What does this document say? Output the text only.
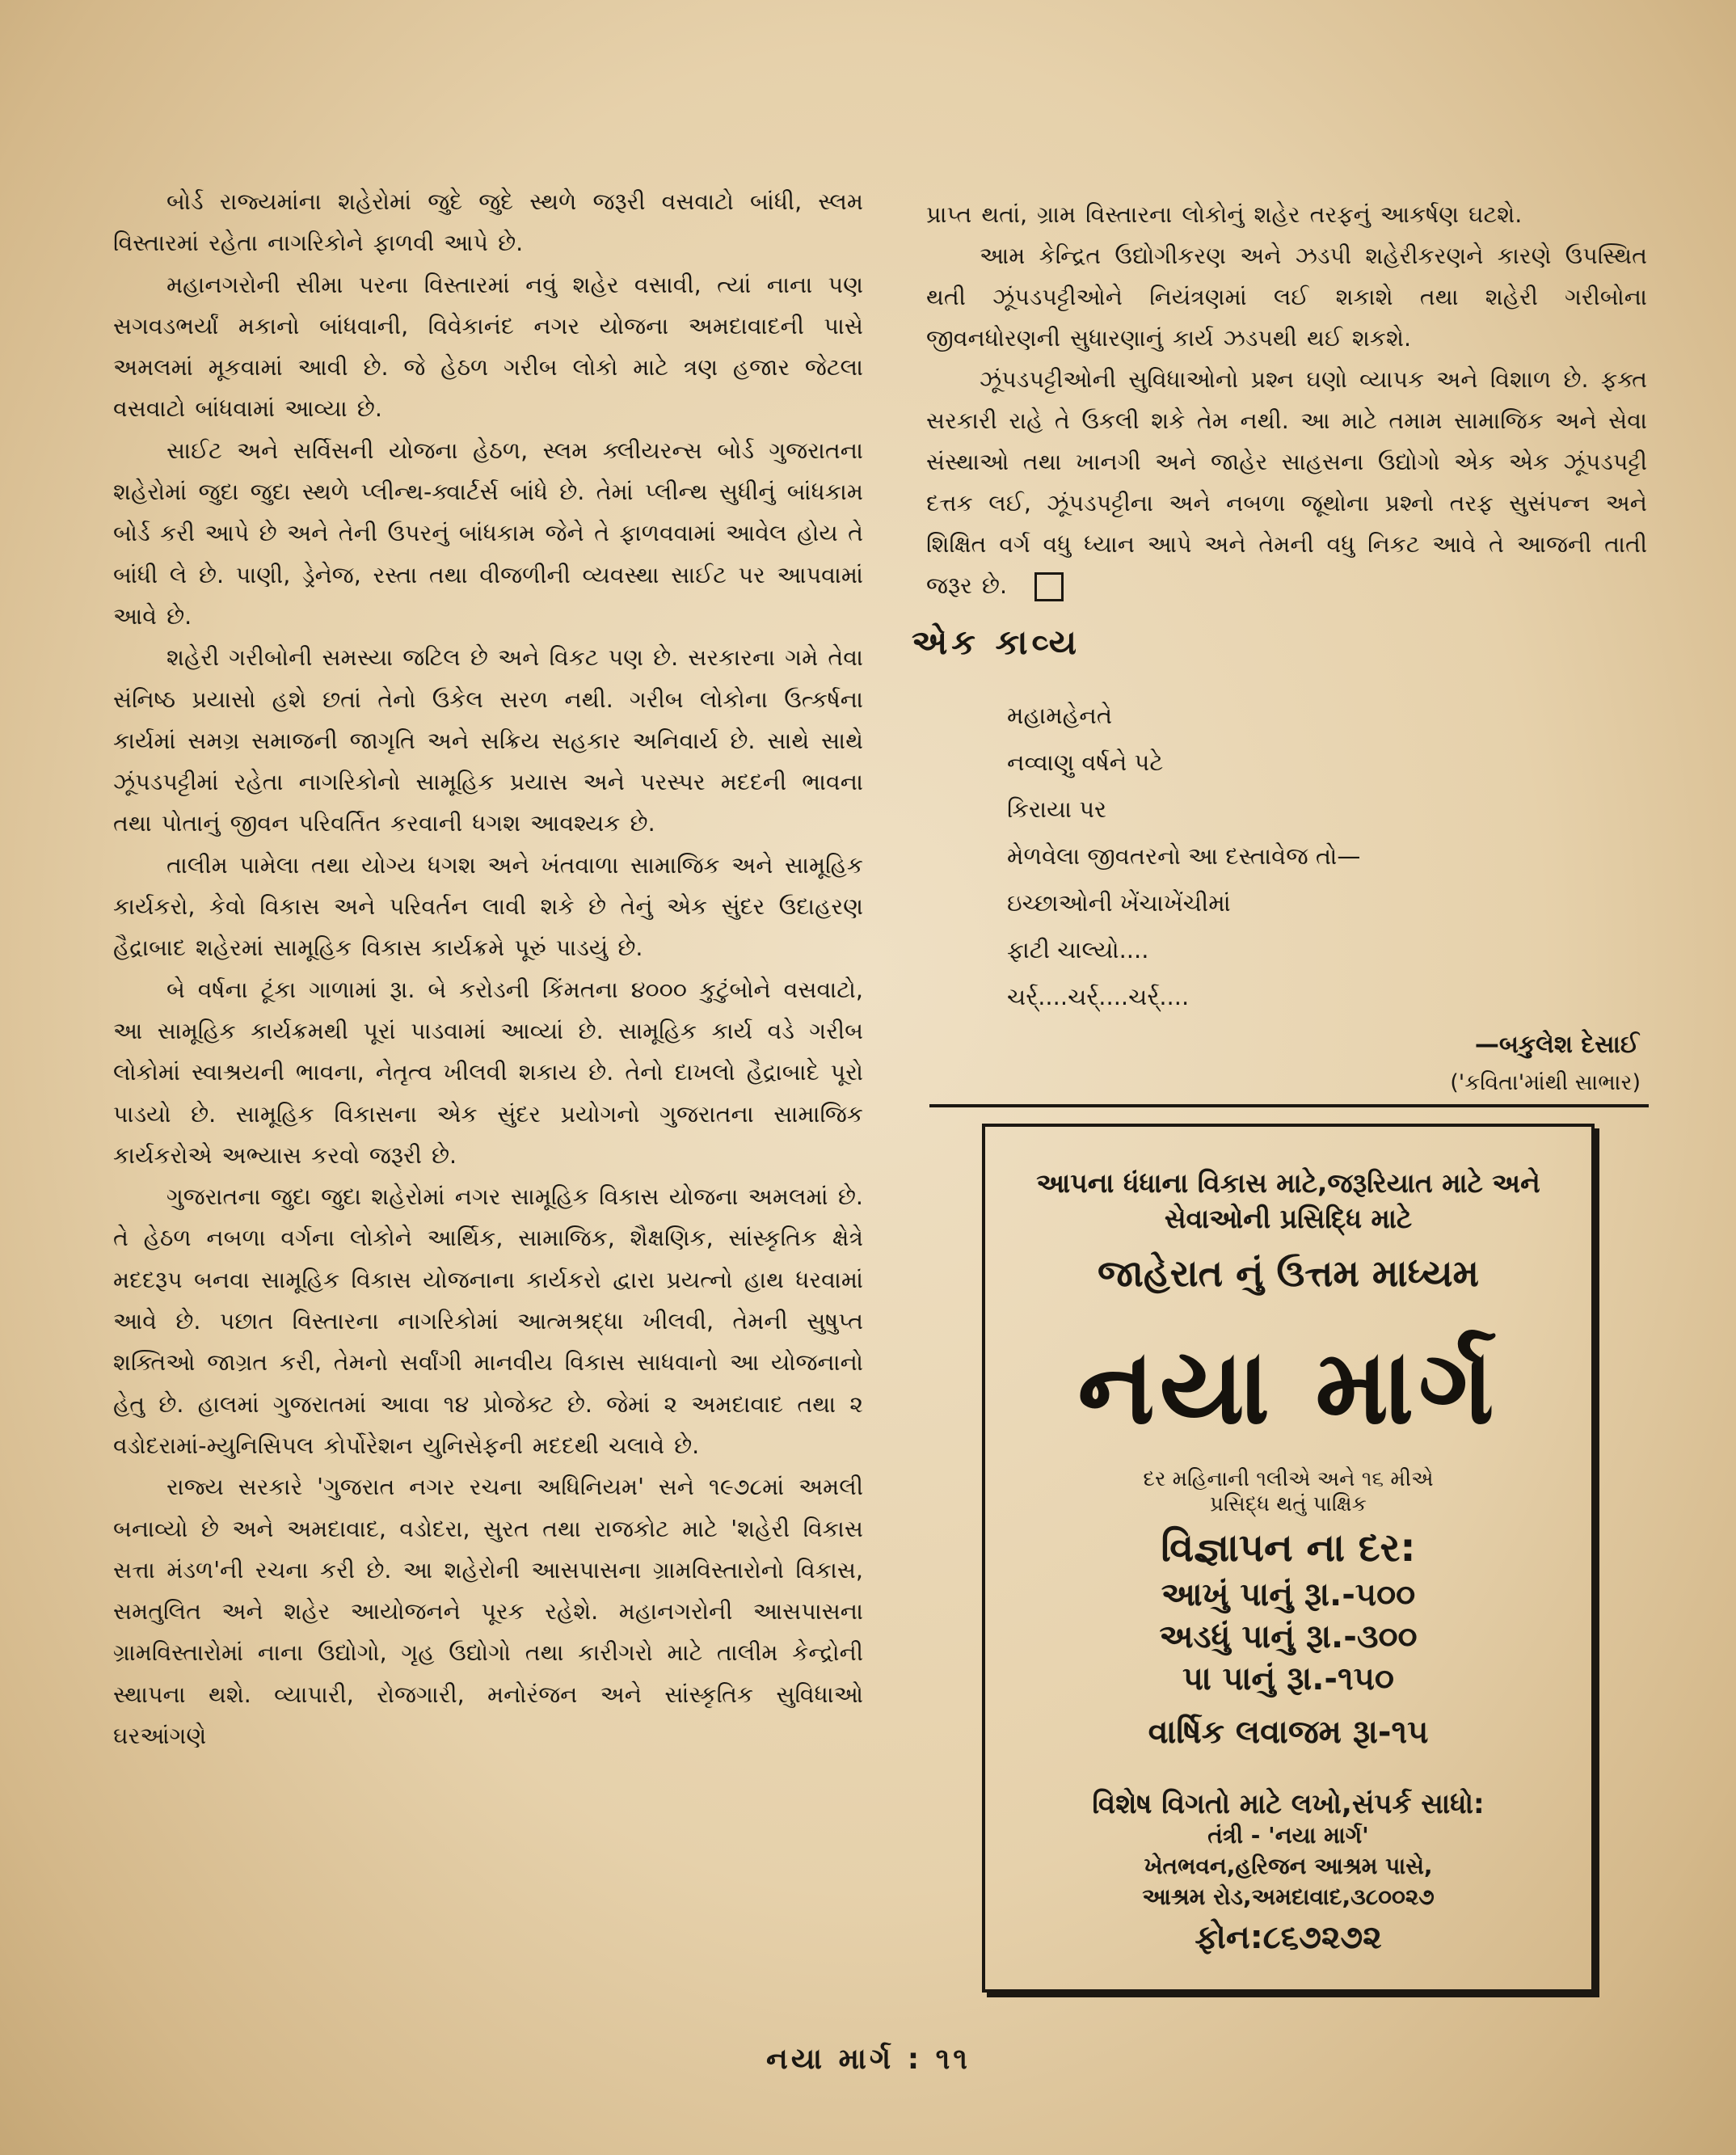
બોર્ડ રાજ્યમાંના શહેરોમાં જુદે જુદે સ્થળે જરૂરી વસવાટો બાંધી, સ્લમ વિસ્તારમાં રહેતા નાગરિકોને ફાળવી આપે છે.

મહાનગરોની સીમા પરના વિસ્તારમાં નવું શહેર વસાવી, ત્યાં નાના પણ સગવડભર્યાં મકાનો બાંધવાની, વિવેકાનંદ નગર યોજના અમદાવાદની પાસે અમલમાં મૂકવામાં આવી છે. જે હેઠળ ગરીબ લોકો માટે ત્રણ હજાર જેટલા વસવાટો બાંધવામાં આવ્યા છે.

સાઈટ અને સર્વિસની યોજના હેઠળ, સ્લમ ક્લીયરન્સ બોર્ડ ગુજરાતના શહેરોમાં જુદા જુદા સ્થળે પ્લીન્થ-ક્વાર્ટર્સ બાંધે છે. તેમાં પ્લીન્થ સુધીનું બાંધકામ બોર્ડ કરી આપે છે અને તેની ઉપરનું બાંધકામ જેને તે ફાળવવામાં આવેલ હોય તે બાંધી લે છે. પાણી, ડ્રેનેજ, રસ્તા તથા વીજળીની વ્યવસ્થા સાઈટ પર આપવામાં આવે છે.

શહેરી ગરીબોની સમસ્યા જટિલ છે અને વિકટ પણ છે. સરકારના ગમે તેવા સંનિષ્ઠ પ્રયાસો હશે છતાં તેનો ઉકેલ સરળ નથી. ગરીબ લોકોના ઉત્કર્ષના કાર્યમાં સમગ્ર સમાજની જાગૃતિ અને સક્રિય સહકાર અનિવાર્ય છે. સાથે સાથે ઝૂંપડપટ્ટીમાં રહેતા નાગરિકોનો સામૂહિક પ્રયાસ અને પરસ્પર મદદની ભાવના તથા પોતાનું જીવન પરિવર્તિત કરવાની ધગશ આવશ્યક છે.

તાલીમ પામેલા તથા યોગ્ય ધગશ અને ખંતવાળા સામાજિક અને સામૂહિક કાર્યકરો, કેવો વિકાસ અને પરિવર્તન લાવી શકે છે તેનું એક સુંદર ઉદાહરણ હૈદ્રાબાદ શહેરમાં સામૂહિક વિકાસ કાર્યક્રમે પૂરું પાડયું છે.

બે વર્ષના ટૂંકા ગાળામાં રૂા. બે કરોડની કિંમતના ૪૦૦૦ કુટુંબોને વસવાટો, આ સામૂહિક કાર્યક્રમથી પૂરાં પાડવામાં આવ્યાં છે. સામૂહિક કાર્ય વડે ગરીબ લોકોમાં સ્વાશ્રયની ભાવના, નેતૃત્વ ખીલવી શકાય છે. તેનો દાખલો હૈદ્રાબાદે પૂરો પાડયો છે. સામૂહિક વિકાસના એક સુંદર પ્રયોગનો ગુજરાતના સામાજિક કાર્યકરોએ અભ્યાસ કરવો જરૂરી છે.

ગુજરાતના જુદા જુદા શહેરોમાં નગર સામૂહિક વિકાસ યોજના અમલમાં છે. તે હેઠળ નબળા વર્ગના લોકોને આર્થિક, સામાજિક, શૈક્ષણિક, સાંસ્કૃતિક ક્ષેત્રે મદદરૂપ બનવા સામૂહિક વિકાસ યોજનાના કાર્યકરો દ્વારા પ્રયત્નો હાથ ધરવામાં આવે છે. પછાત વિસ્તારના નાગરિકોમાં આત્મશ્રદ્ધા ખીલવી, તેમની સુષુપ્ત શક્તિઓ જાગ્રત કરી, તેમનો સર્વાંગી માનવીય વિકાસ સાધવાનો આ યોજનાનો હેતુ છે. હાલમાં ગુજરાતમાં આવા ૧૪ પ્રોજેક્ટ છે. જેમાં ૨ અમદાવાદ તથા ૨ વડોદરામાં-મ્યુનિસિપલ કોર્પોરેશન યુનિસેફની મદદથી ચલાવે છે.

રાજ્ય સરકારે 'ગુજરાત નગર રચના અધિનિયમ' સને ૧૯૭૮માં અમલી બનાવ્યો છે અને અમદાવાદ, વડોદરા, સુરત તથા રાજકોટ માટે 'શહેરી વિકાસ સત્તા મંડળ'ની રચના કરી છે. આ શહેરોની આસપાસના ગ્રામવિસ્તારોનો વિકાસ, સમતુલિત અને શહેર આયોજનને પૂરક રહેશે. મહાનગરોની આસપાસના ગ્રામવિસ્તારોમાં નાના ઉદ્યોગો, ગૃહ ઉદ્યોગો તથા કારીગરો માટે તાલીમ કેન્દ્રોની સ્થાપના થશે. વ્યાપારી, રોજગારી, મનોરંજન અને સાંસ્કૃતિક સુવિધાઓ ઘરઆંગણે

પ્રાપ્ત થતાં, ગ્રામ વિસ્તારના લોકોનું શહેર તરફનું આકર્ષણ ઘટશે.

આમ કેન્દ્રિત ઉદ્યોગીકરણ અને ઝડપી શહેરીકરણને કારણે ઉપસ્થિત થતી ઝૂંપડપટ્ટીઓને નિયંત્રણમાં લઈ શકાશે તથા શહેરી ગરીબોના જીવનધોરણની સુધારણાનું કાર્ય ઝડપથી થઈ શકશે.

ઝૂંપડપટ્ટીઓની સુવિધાઓનો પ્રશ્ન ઘણો વ્યાપક અને વિશાળ છે. ફક્ત સરકારી રાહે તે ઉકલી શકે તેમ નથી. આ માટે તમામ સામાજિક અને સેવા સંસ્થાઓ તથા ખાનગી અને જાહેર સાહસના ઉદ્યોગો એક એક ઝૂંપડપટ્ટી દત્તક લઈ, ઝૂંપડપટ્ટીના અને નબળા જૂથોના પ્રશ્નો તરફ સુસંપન્ન અને શિક્ષિત વર્ગ વધુ ધ્યાન આપે અને તેમની વધુ નિકટ આવે તે આજની તાતી જરૂર છે.

એક કાવ્ય
મહામહેનતે
નવ્વાણુ વર્ષને પટે
કિરાયા પર
મેળવેલા જીવતરનો આ દસ્તાવેજ તો—
ઇચ્છાઓની ખેંચાખેંચીમાં
ફાટી ચાલ્યો....
ચર્ર્....ચર્ર્....ચર્ર્....
—બકુલેશ દેસાઈ
('કવિતા'માંથી સાભાર)
આપના ધંધાના વિકાસ માટે,જરૂરિયાત માટે અને
સેવાઓની પ્રસિદ્ધિ માટે
જાહેરાત નું ઉત્તમ માધ્યમ
નયા માર્ગ
દર મહિનાની ૧લીએ અને ૧૬ મીએ
પ્રસિદ્ધ થતું પાક્ષિક
વિજ્ઞાપન ના દર:
આખું પાનું રૂા.-૫૦૦
અડધું પાનું રૂા.-૩૦૦
પા પાનું રૂા.-૧૫૦
વાર્ષિક લવાજમ રૂા-૧૫
વિશેષ વિગતો માટે લખો,સંપર્ક સાધો:
તંત્રી - 'નયા માર્ગ'
ખેતભવન,હરિજન આશ્રમ પાસે,
આશ્રમ રોડ,અમદાવાદ,૩૮૦૦૨૭
ફોન:૮૬૭૨૭૨
નયા માર્ગ : ૧૧
